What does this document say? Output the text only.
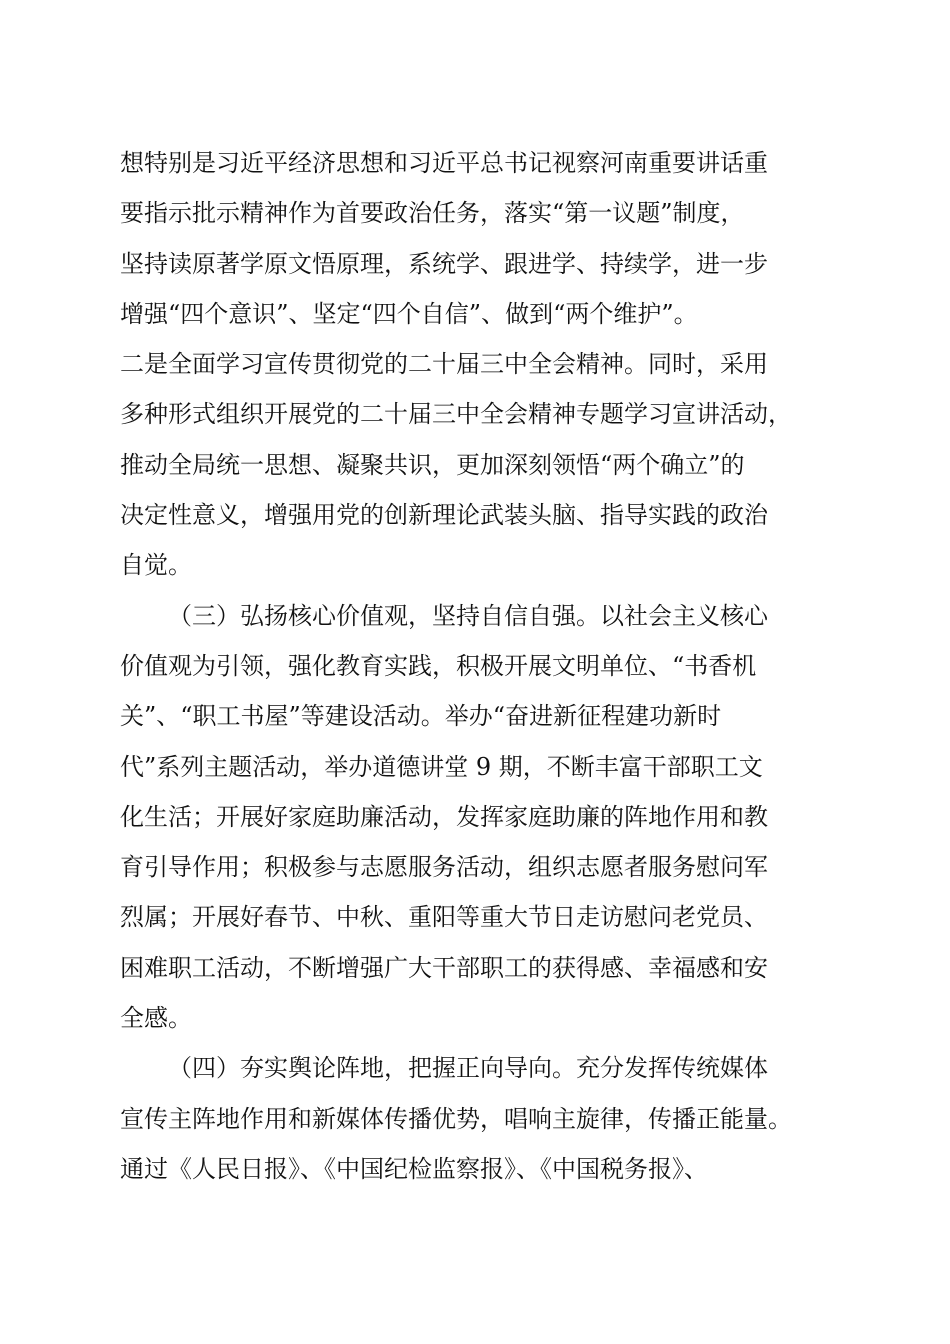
想特别是习近平经济思想和习近平总书记视察河南重要讲话重
要指示批示精神作为首要政治任务，落实“第一议题”制度，
坚持读原著学原文悟原理，系统学、跟进学、持续学，进一步
增强“四个意识”、坚定“四个自信”、做到“两个维护”。
二是全面学习宣传贯彻党的二十届三中全会精神。同时，采用
多种形式组织开展党的二十届三中全会精神专题学习宣讲活动，
推动全局统一思想、凝聚共识，更加深刻领悟“两个确立”的
决定性意义，增强用党的创新理论武装头脑、指导实践的政治
自觉。
（三）弘扬核心价值观，坚持自信自强。以社会主义核心
价值观为引领，强化教育实践，积极开展文明单位、“书香机
关”、“职工书屋”等建设活动。举办“奋进新征程建功新时
代”系列主题活动，举办道德讲堂 9 期，不断丰富干部职工文
化生活；开展好家庭助廉活动，发挥家庭助廉的阵地作用和教
育引导作用；积极参与志愿服务活动，组织志愿者服务慰问军
烈属；开展好春节、中秋、重阳等重大节日走访慰问老党员、
困难职工活动，不断增强广大干部职工的获得感、幸福感和安
全感。
（四）夯实舆论阵地，把握正向导向。充分发挥传统媒体
宣传主阵地作用和新媒体传播优势，唱响主旋律，传播正能量。
通过《人民日报》、《中国纪检监察报》、《中国税务报》、
